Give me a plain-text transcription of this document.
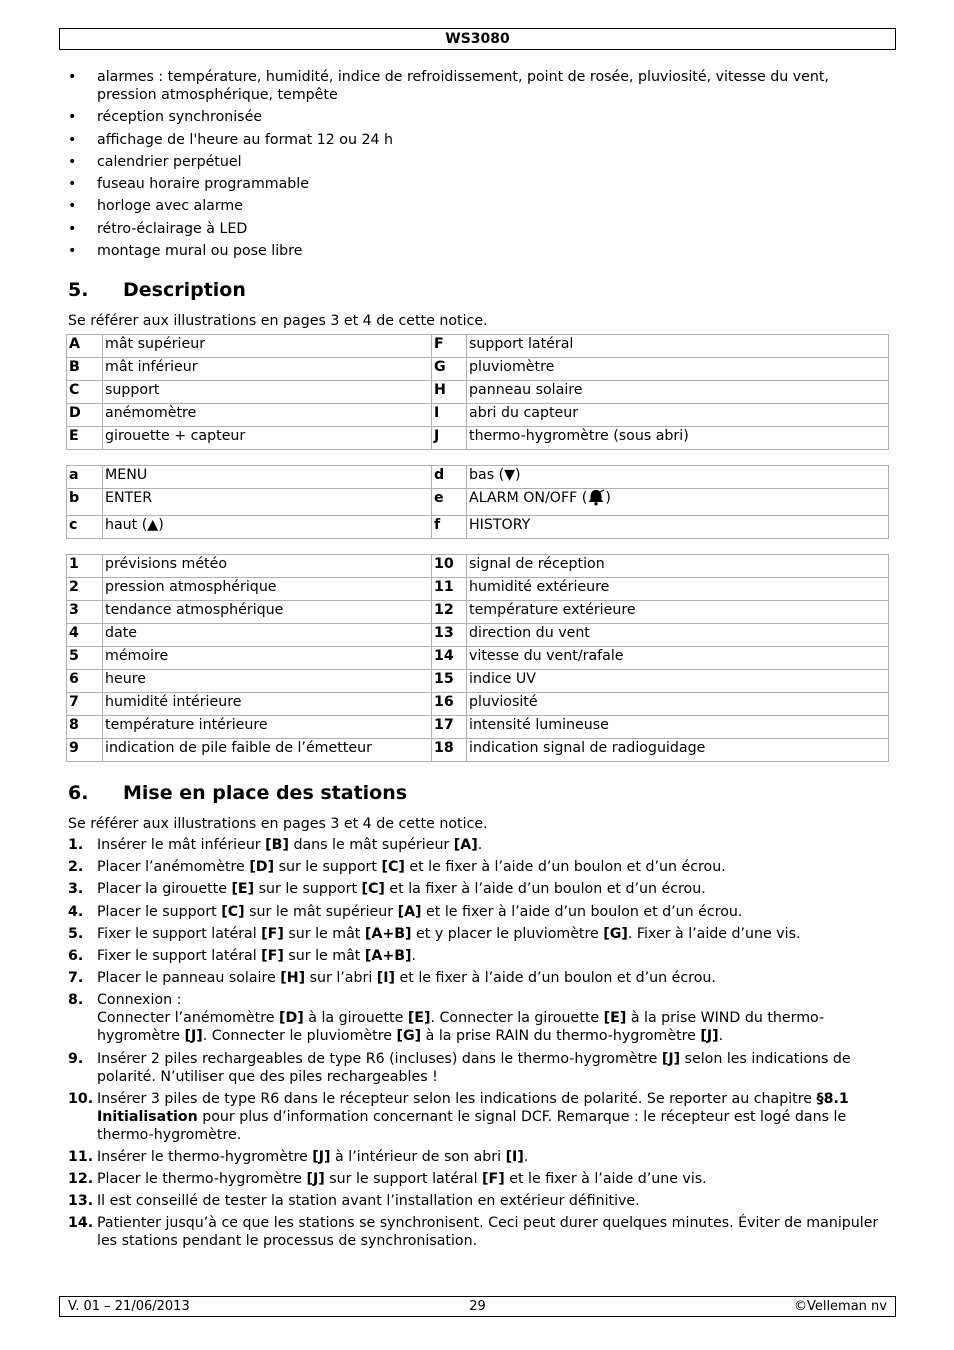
WS3080
• alarmes : température, humidité, indice de refroidissement, point de rosée, pluviosité, vitesse du vent, pression atmosphérique, tempête
• réception synchronisée
• affichage de l'heure au format 12 ou 24 h
• calendrier perpétuel
• fuseau horaire programmable
• horloge avec alarme
• rétro-éclairage à LED
• montage mural ou pose libre
5. Description

Se référer aux illustrations en pages 3 et 4 de cette notice.

A	mât supérieur	F	support latéral
B	mât inférieur	G	pluviomètre
C	support	H	panneau solaire
D	anémomètre	I	abri du capteur
E	girouette + capteur	J	thermo-hygromètre (sous abri)
a	MENU	d	bas (▼)
b	ENTER	e	ALARM ON/OFF ( )
c	haut (▲)	f	HISTORY
1	prévisions météo	10	signal de réception
2	pression atmosphérique	11	humidité extérieure
3	tendance atmosphérique	12	température extérieure
4	date	13	direction du vent
5	mémoire	14	vitesse du vent/rafale
6	heure	15	indice UV
7	humidité intérieure	16	pluviosité
8	température intérieure	17	intensité lumineuse
9	indication de pile faible de l’émetteur	18	indication signal de radioguidage
6. Mise en place des stations

Se référer aux illustrations en pages 3 et 4 de cette notice.

1. Insérer le mât inférieur [B] dans le mât supérieur [A].
2. Placer l’anémomètre [D] sur le support [C] et le fixer à l’aide d’un boulon et d’un écrou.
3. Placer la girouette [E] sur le support [C] et la fixer à l’aide d’un boulon et d’un écrou.
4. Placer le support [C] sur le mât supérieur [A] et le fixer à l’aide d’un boulon et d’un écrou.
5. Fixer le support latéral [F] sur le mât [A+B] et y placer le pluviomètre [G]. Fixer à l’aide d’une vis.
6. Fixer le support latéral [F] sur le mât [A+B].
7. Placer le panneau solaire [H] sur l’abri [I] et le fixer à l’aide d’un boulon et d’un écrou.
8. Connexion :
Connecter l’anémomètre [D] à la girouette [E]. Connecter la girouette [E] à la prise WIND du thermo-hygromètre [J]. Connecter le pluviomètre [G] à la prise RAIN du thermo-hygromètre [J].
9. Insérer 2 piles rechargeables de type R6 (incluses) dans le thermo-hygromètre [J] selon les indications de polarité. N’utiliser que des piles rechargeables !
10. Insérer 3 piles de type R6 dans le récepteur selon les indications de polarité. Se reporter au chapitre §8.1 Initialisation pour plus d’information concernant le signal DCF. Remarque : le récepteur est logé dans le thermo-hygromètre.
11. Insérer le thermo-hygromètre [J] à l’intérieur de son abri [I].
12. Placer le thermo-hygromètre [J] sur le support latéral [F] et le fixer à l’aide d’une vis.
13. Il est conseillé de tester la station avant l’installation en extérieur définitive.
14. Patienter jusqu’à ce que les stations se synchronisent. Ceci peut durer quelques minutes. Éviter de manipuler les stations pendant le processus de synchronisation.
V. 01 – 21/06/2013	29	©Velleman nv
